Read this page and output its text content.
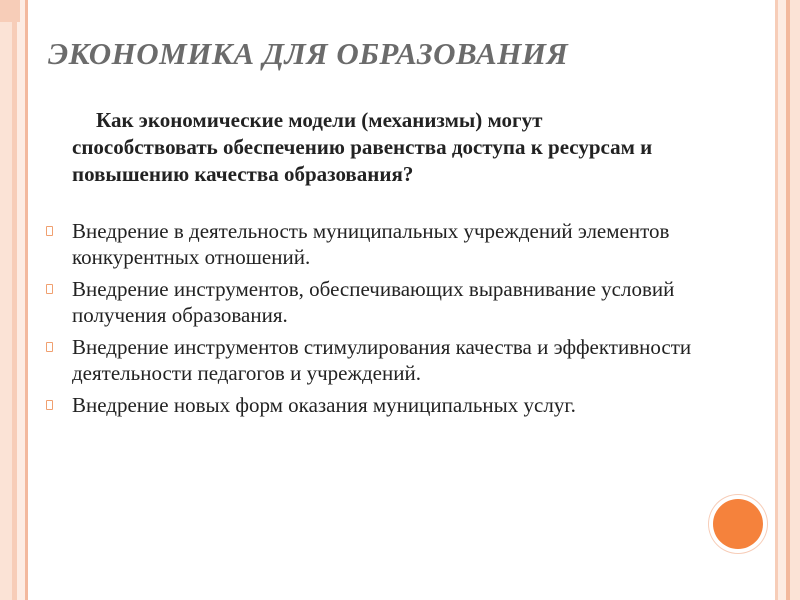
ЭКОНОМИКА ДЛЯ ОБРАЗОВАНИЯ

Как экономические модели (механизмы) могут способствовать обеспечению равенства доступа к ресурсам и повышению качества образования?

Внедрение в деятельность муниципальных учреждений элементов конкурентных отношений.
Внедрение инструментов, обеспечивающих выравнивание условий получения образования.
Внедрение инструментов стимулирования качества и эффективности деятельности педагогов и учреждений.
Внедрение новых форм оказания муниципальных услуг.
